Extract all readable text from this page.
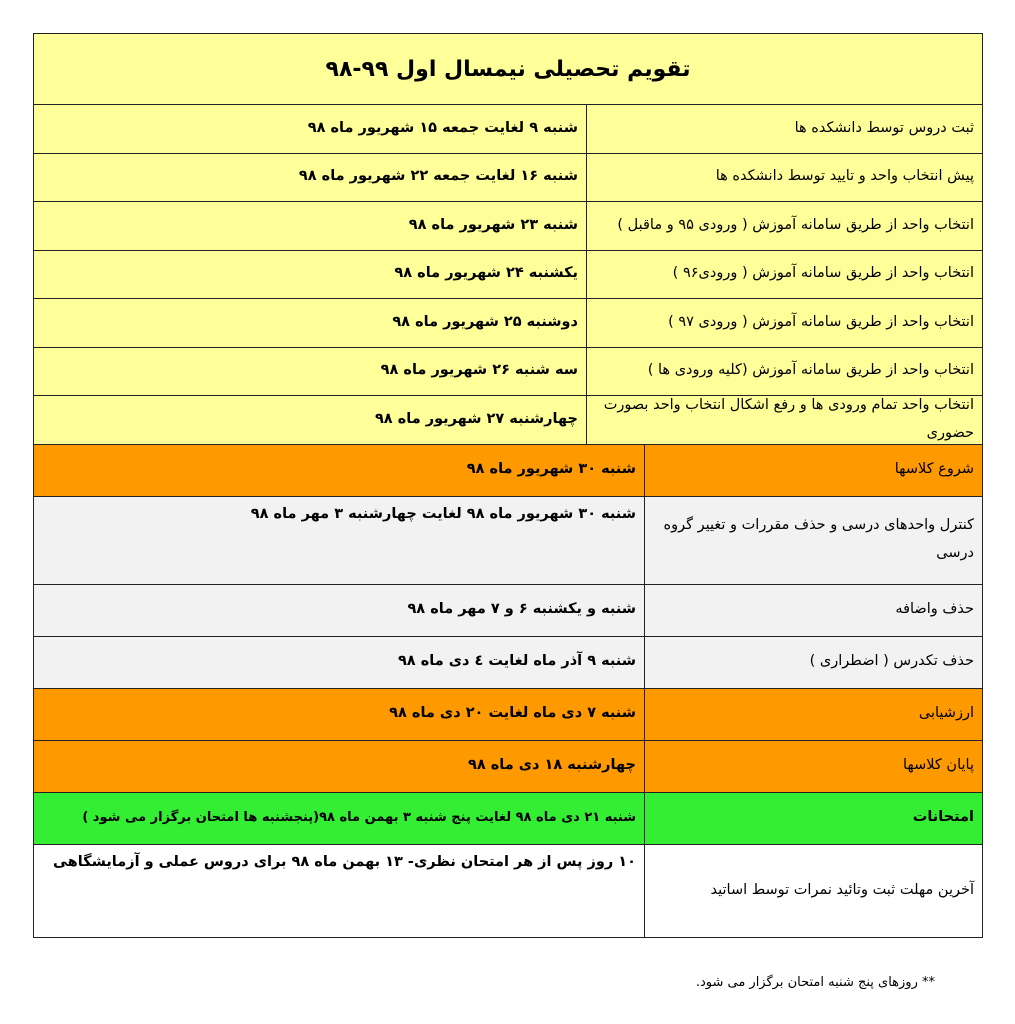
تقویم تحصیلی نیمسال اول ۹۹-۹۸
ثبت دروس توسط دانشکده ها
شنبه ۹ لغایت جمعه ۱۵ شهریور ماه ۹۸
پیش انتخاب واحد و تایید توسط دانشکده ها
شنبه ۱۶ لغایت جمعه ۲۲ شهریور ماه ۹۸
انتخاب واحد از طریق سامانه آموزش ( ورودی ۹۵ و ماقبل )
شنبه ۲۳ شهریور ماه ۹۸
انتخاب واحد از طریق سامانه آموزش ( ورودی۹۶ )
یکشنبه ۲۴ شهریور ماه ۹۸
انتخاب واحد از طریق سامانه آموزش ( ورودی ۹۷ )
دوشنبه ۲۵ شهریور ماه ۹۸
انتخاب واحد از طریق سامانه آموزش (کلیه ورودی ها )
سه شنبه ۲۶ شهریور ماه ۹۸
انتخاب واحد تمام ورودی ها و رفع اشکال انتخاب واحد بصورت حضوری
چهارشنبه ۲۷ شهریور ماه ۹۸
شروع کلاسها
شنبه ۳۰ شهریور ماه ۹۸
کنترل واحدهای درسی و حذف مقررات و تغییر گروه درسی
شنبه ۳۰ شهریور ماه ۹۸ لغایت چهارشنبه ۳ مهر ماه ۹۸
حذف واضافه
شنبه و یکشنبه ۶ و ۷ مهر ماه ۹۸
حذف تکدرس ( اضطراری )
شنبه ۹ آذر ماه لغایت ٤ دی ماه ۹۸
ارزشیابی
شنبه ۷ دی ماه لغایت ۲۰ دی ماه ۹۸
پایان کلاسها
چهارشنبه ۱۸ دی ماه ۹۸
امتحانات
شنبه ۲۱ دی ماه ۹۸ لغایت پنج شنبه ۳ بهمن ماه ۹۸(پنجشنبه ها امتحان برگزار می شود )
آخرین مهلت ثبت وتائید نمرات توسط اساتید
۱۰ روز پس از هر امتحان نظری- ۱۳ بهمن ماه ۹۸ برای دروس عملی و آزمایشگاهی
** روزهای پنج شنبه امتحان برگزار می شود.
